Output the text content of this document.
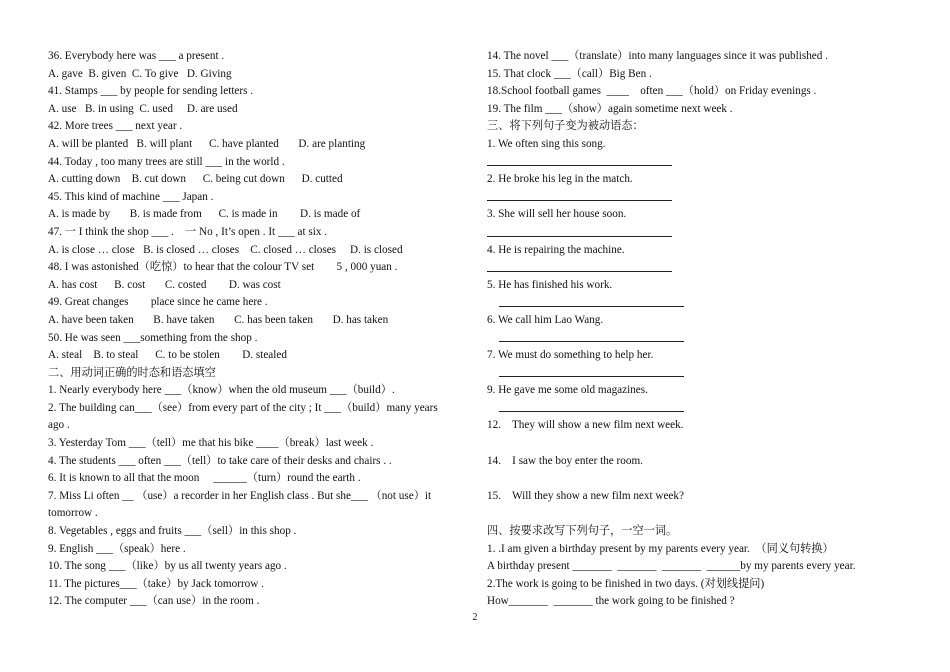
36. Everybody here was ___ a present .
A. gave  B. given  C. To give   D. Giving
41. Stamps ___ by people for sending letters .
A. use   B. in using  C. used     D. are used
42. More trees ___ next year .
A. will be planted   B. will plant      C. have planted       D. are planting
44. Today , too many trees are still ___ in the world .
A. cutting down    B. cut down      C. being cut down      D. cutted
45. This kind of machine ___ Japan .
A. is made by       B. is made from      C. is made in        D. is made of
47. 一 I think the shop ___ .    一 No , It’s open . It ___ at six .
A. is close … close   B. is closed … closes    C. closed … closes     D. is closed
48. I was astonished（吃惊）to hear that the colour TV set        5 , 000 yuan .
A. has cost      B. cost       C. costed        D. was cost
49. Great changes        place since he came here .
A. have been taken       B. have taken       C. has been taken       D. has taken
50. He was seen ___something from the shop .
A. steal    B. to steal      C. to be stolen        D. stealed
二、用动词正确的时态和语态填空
1. Nearly everybody here ___（know）when the old museum ___（build）.
2. The building can___（see）from every part of the city ; It ___（build）many years
ago .
3. Yesterday Tom ___（tell）me that his bike ____（break）last week .
4. The students ___ often ___（tell）to take care of their desks and chairs . .
6. It is known to all that the moon     ______（turn）round the earth .
7. Miss Li often __ （use）a recorder in her English class . But she___ （not use）it
tomorrow .
8. Vegetables , eggs and fruits ___（sell）in this shop .
9. English ___（speak）here .
10. The song ___（like）by us all twenty years ago .
11. The pictures___（take）by Jack tomorrow .
12. The computer ___（can use）in the room .
14. The novel ___（translate）into many languages since it was published .
15. That clock ___（call）Big Ben .
18.School football games  ____    often ___（hold）on Friday evenings .
19. The film ___（show）again sometime next week .
三、将下列句子变为被动语态：
1. We often sing this song.
2. He broke his leg in the match.
3. She will sell her house soon.
4. He is repairing the machine.
5. He has finished his work.
6. We call him Lao Wang.
7. We must do something to help her.
9. He gave me some old magazines.
12.    They will show a new film next week.
14.    I saw the boy enter the room.
15.    Will they show a new film next week?
四、按要求改写下列句子，一空一词。
1. .I am given a birthday present by my parents every year.  （同义句转换）
A birthday present _______  _______  _______  ______by my parents every year.
2.The work is going to be finished in two days. (对划线提问)
How_______  _______ the work going to be finished ?
2
